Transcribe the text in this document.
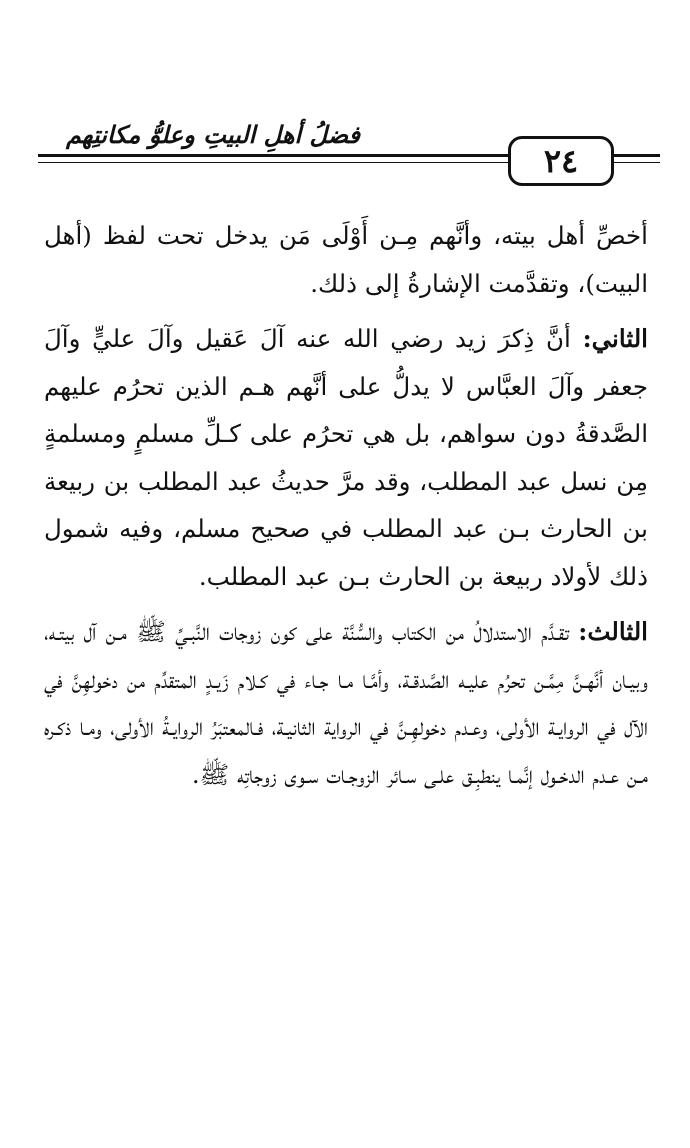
فضلُ أهلِ البيتِ وعلوُّ مكانتِهم
٢٤

أخصِّ أهل بيته، وأنَّهم مِـن أَوْلَى مَن يدخل تحت لفظ (أهل البيت)، وتقدَّمت الإشارةُ إلى ذلك.

الثاني: أنَّ ذِكرَ زيد رضي الله عنه آلَ عَقيل وآلَ عليٍّ وآلَ جعفر وآلَ العبَّاس لا يدلُّ على أنَّهم هـم الذين تحرُم عليهم الصَّدقةُ دون سواهم، بل هي تحرُم على كـلِّ مسلمٍ ومسلمةٍ مِن نسل عبد المطلب، وقد مرَّ حديثُ عبد المطلب بن ربيعة بن الحارث بـن عبد المطلب في صحيح مسلم، وفيه شمول ذلك لأولاد ربيعة بن الحارث بـن عبد المطلب.

الثالث: تقـدَّم الاستدلالُ من الكتاب والسُّنَّة على كون زوجات النَّبـيِّ ﷺ مـن آل بيتـه، وبيـان أنَّهـنَّ مِمَّـن تحرُم عليـه الصَّدقـة، وأمَّـا مـا جـاء في كـلام زَيـدٍ المتقدِّم من دخولهِنَّ في الآل في الروايـة الأولى، وعـدم دخولهِـنَّ في الرواية الثانيـة، فـالمعتبَرُ الروايـةُ الأولى، ومـا ذكـره مـن عـدم الدخـول إنَّمـا ينطبِـق علـى سـائر الزوجـات سـوى زوجاتِه ﷺ.
